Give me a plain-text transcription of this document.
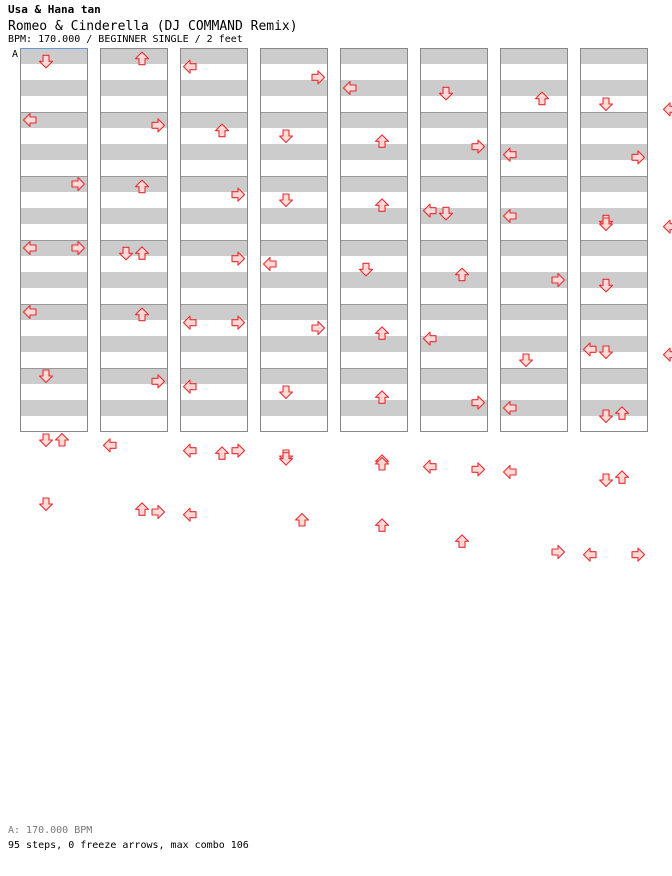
Usa & Hana tan
Romeo & Cinderella (DJ COMMAND Remix)
BPM: 170.000 / BEGINNER SINGLE / 2 feet
A
A: 170.000 BPM
95 steps, 0 freeze arrows, max combo 106
